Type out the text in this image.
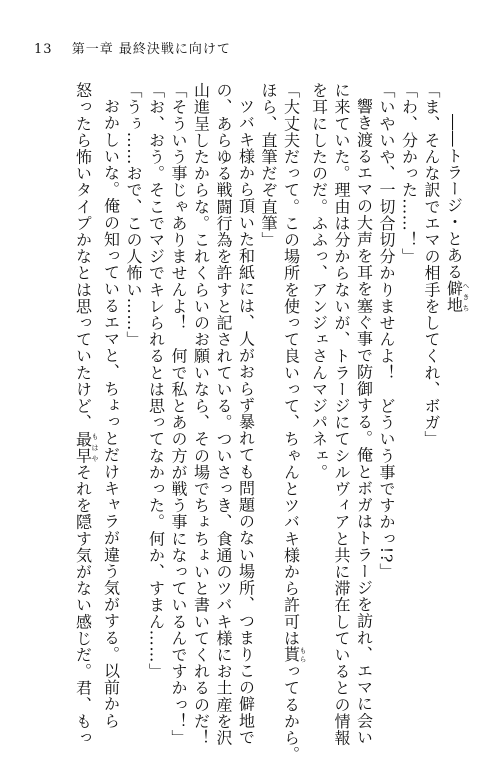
13 第一章 最終決戦に向けて
――トラージ・とある僻地へきち
「ま、そんな訳でエマの相手をしてくれ、ボガ」
「わ、分かった……！」
「いやいや、一切合切分かりませんよ！　どういう事ですかっ!?」
響き渡るエマの大声を耳を塞ぐ事で防御する。俺とボガはトラージを訪れ、エマに会い
に来ていた。理由は分からないが、トラージにてシルヴィアと共に滞在しているとの情報
を耳にしたのだ。ふふっ、アンジェさんマジパネェ。
「大丈夫だって。この場所を使って良いって、ちゃんとツバキ様から許可は貰もらってるから。
ほら、直筆だぞ直筆」
ツバキ様から頂いた和紙には、人がおらず暴れても問題のない場所、つまりこの僻地で
の、あらゆる戦闘行為を許すと記されている。ついさっき、食通のツバキ様にお土産を沢
山進呈したからな。これくらいのお願いなら、その場でちょちょいと書いてくれるのだ！
「そういう事じゃありませんよ！　何で私とあの方が戦う事になっているんですかっ！」
「お、おう。そこでマジでキレられるとは思ってなかった。何か、すまん……」
「うぅ……おで、この人怖い……」
おかしいな。俺の知っているエマと、ちょっとだけキャラが違う気がする。以前から
怒ったら怖いタイプかなとは思っていたけど、最早もはやそれを隠す気がない感じだ。君、もっ
